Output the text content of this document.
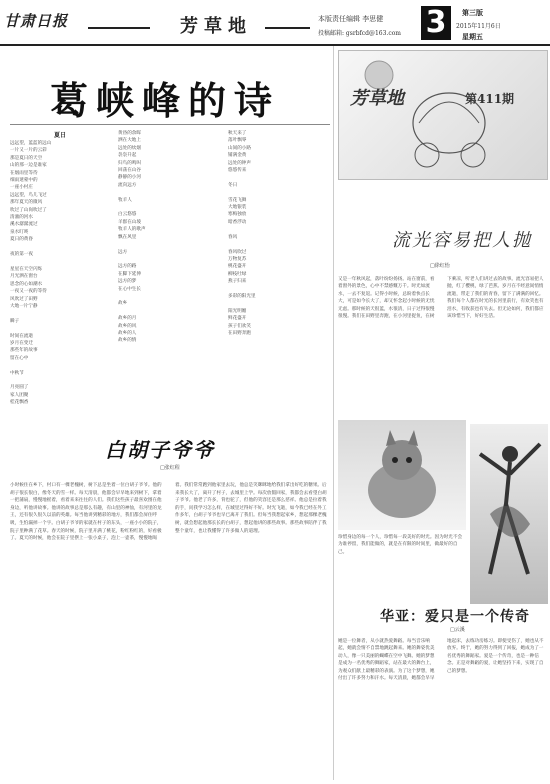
甘肃日报	芳草地	本版责任编辑 李思健
投稿邮箱: gsrbfcd@163.com 3	第三版
2015年11月6日
星期五
葛峡峰的诗
夏日
远远望，蓝蓝的远山
一片又一片的云彩
那是夏日的天空
山的那一边是谁家
在烟雨里等待
细雨迷蒙中的
一座小村庄
远远望，鸟儿飞过
那年夏天的微风
吹过了山岗吹过了
清澈的河水
溪水潺潺流过
泉水叮咚
夏日的黄昏

夜的第一夜

星星在天空闪烁
月光洒在窗台
思念的心如潮水
一夜又一夜的等待
风吹过了田野
大地一片宁静

瞬子

时间在流逝
岁月在变迁
那些年的故事
留在心中

中秋节

月亮圆了
家人团聚
桂花飘香
黄昏的余晖
洒在大地上
远处的炊烟
袅袅升起
归鸟的鸣叫
回荡在山谷
静静的小河
流向远方

牧羊人

白云悠悠
羊群在山坡
牧羊人的歌声
飘在风里

远方

远方的路
在脚下延伸
远方的梦
在心中生长

故乡

故乡的月
故乡的风
故乡的人
故乡的情
秋天来了
落叶飘零
山间的小路
铺满金黄
远处的钟声
悠悠传来

冬日

雪花飞舞
大地银装
寒梅独放
暗香浮动

春风

春风吹过
万物复苏
桃花盛开
柳枝吐绿
燕子归来

多彩的阳光里

阳光明媚
鲜花盛开
孩子们欢笑
在田野奔跑
白胡子爷爷
□张红程
小时候住在乡下，村口有一棵老槐树，树下总是坐着一位白胡子爷爷。他的胡子很长很白，像冬天的雪一样。每天清晨，他都会早早地来到树下，拿着一把蒲扇，慢慢地摇着，看着来来往往的人们。我们这些孩子最喜欢围在他身边，听他讲故事。他讲的故事总是那么有趣，有山里的神仙，有河里的龙王，还有很久很久以前的英雄。每当他讲到精彩的地方，我们都会屏住呼吸，生怕漏掉一个字。白胡子爷爷的家就在村子的东头，一座小小的院子，院子里种满了花草。春天的时候，院子里开满了桃花，粉红粉红的，好看极了。夏天的时候，他会在院子里摆上一张小桌子，泡上一壶茶，慢慢地喝着。我们常常跑到他家里去玩，他总是笑眯眯地给我们拿出好吃的糖果。后来我长大了，离开了村子，去城里上学。每次放假回家，我都会去看望白胡子爷爷。他老了许多，背也驼了，但他的笑容还是那么慈祥。他总是拉着我的手，问我学习怎么样，在城里过得好不好。时光飞逝，如今我已经在外工作多年，白胡子爷爷也早已离开了我们。但每当我想起家乡，想起那棵老槐树，就会想起他那长长的白胡子，想起他讲的那些故事。那些故事陪伴了我整个童年，也让我懂得了许多做人的道理。
芳草地	第411期
流光容易把人抛
□徐红怡
又是一年秋风起，落叶纷纷扬扬。站在窗前，看着窗外的景色，心中不禁感慨万千。时光如流水，一去不复返。记得小时候，总盼着快点长大，可是如今长大了，却又怀念起小时候的无忧无虑。那时候的天很蓝，水很清，日子过得很慢很慢。我们在田野里奔跑，在小河里捉鱼，在树下乘凉，听老人们讲过去的故事。流光容易把人抛，红了樱桃，绿了芭蕉。岁月在不经意间悄悄流逝，带走了我们的青春，留下了满满的回忆。我们每个人都在时光的长河里前行，有欢笑也有泪水，有收获也有失去。但无论如何，我们都应该珍惜当下，好好生活。
珍惜身边的每一个人，珍惜每一段美好的时光。因为时光不会为谁停留，我们能做的，就是在有限的时间里，做最好的自己。
华亚：爱只是一个传奇
□云溪
她是一位舞者，从小就热爱舞蹈。每当音乐响起，她就会情不自禁地跳起舞来。她的舞姿优美动人，像一只美丽的蝴蝶在空中飞舞。她的梦想是成为一名优秀的舞蹈家，站在最大的舞台上，为观众们献上最精彩的表演。为了这个梦想，她付出了许多努力和汗水。每天清晨，她都会早早地起床，去练功房练习。即使受伤了，她也从不放弃。终于，她的努力得到了回报，她成为了一名优秀的舞蹈家。爱是一个传奇，也是一种信念。正是对舞蹈的爱，让她坚持下来，实现了自己的梦想。
